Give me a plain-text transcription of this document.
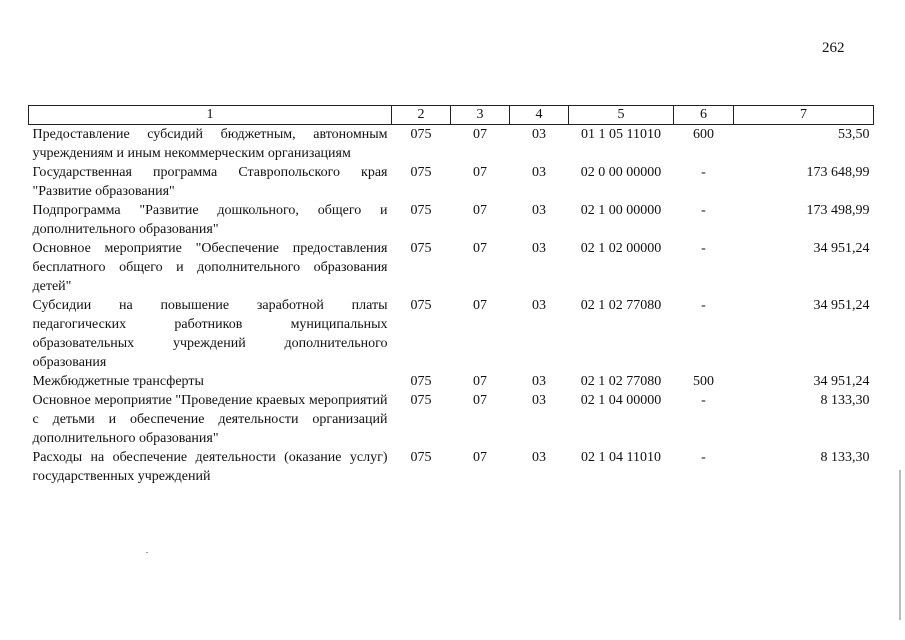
262
1	2	3	4	5	6	7
Предоставление субсидий бюджетным, автономным учреждениям и иным некоммерческим организациям	075	07	03	01 1 05 11010	600	53,50
Государственная программа Ставропольского края "Развитие образования"	075	07	03	02 0 00 00000	-	173 648,99
Подпрограмма "Развитие дошкольного, общего и дополнительного образования"	075	07	03	02 1 00 00000	-	173 498,99
Основное мероприятие "Обеспечение предоставления бесплатного общего и дополнительного образования детей"	075	07	03	02 1 02 00000	-	34 951,24
Субсидии на повышение заработной платы педагогических работников муниципальных образовательных учреждений дополнительного образования	075	07	03	02 1 02 77080	-	34 951,24
Межбюджетные трансферты	075	07	03	02 1 02 77080	500	34 951,24
Основное мероприятие "Проведение краевых мероприятий с детьми и обеспечение деятельности организаций дополнительного образования"	075	07	03	02 1 04 00000	-	8 133,30
Расходы на обеспечение деятельности (оказание услуг) государственных учреждений	075	07	03	02 1 04 11010	-	8 133,30
